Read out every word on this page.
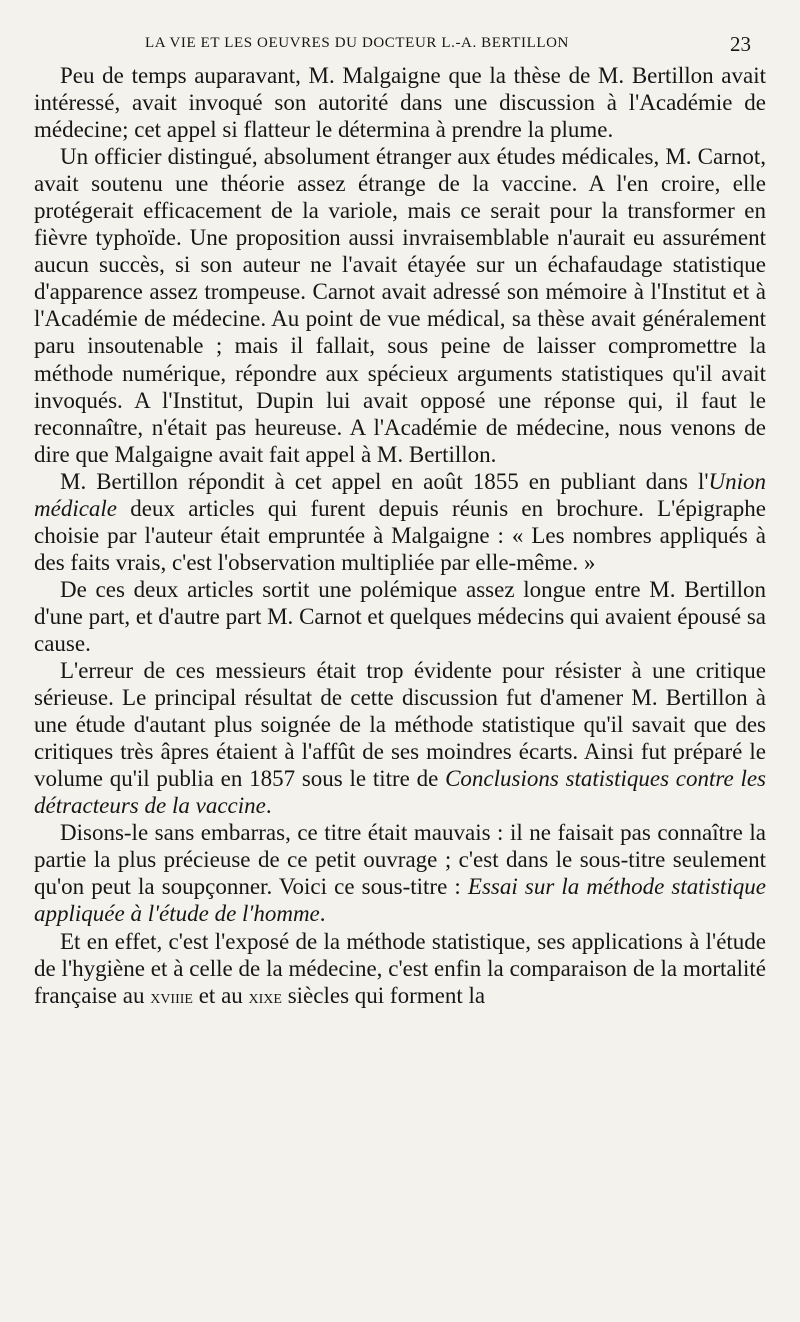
LA VIE ET LES OEUVRES DU DOCTEUR L.-A. BERTILLON	23

Peu de temps auparavant, M. Malgaigne que la thèse de M. Bertillon avait intéressé, avait invoqué son autorité dans une discussion à l'Académie de médecine; cet appel si flatteur le détermina à prendre la plume.

Un officier distingué, absolument étranger aux études médicales, M. Carnot, avait soutenu une théorie assez étrange de la vaccine. A l'en croire, elle protégerait efficacement de la variole, mais ce serait pour la transformer en fièvre typhoïde. Une proposition aussi invraisemblable n'aurait eu assurément aucun succès, si son auteur ne l'avait étayée sur un échafaudage statistique d'apparence assez trompeuse. Carnot avait adressé son mémoire à l'Institut et à l'Académie de médecine. Au point de vue médical, sa thèse avait généralement paru insoutenable ; mais il fallait, sous peine de laisser compromettre la méthode numérique, répondre aux spécieux arguments statistiques qu'il avait invoqués. A l'Institut, Dupin lui avait opposé une réponse qui, il faut le reconnaître, n'était pas heureuse. A l'Académie de médecine, nous venons de dire que Malgaigne avait fait appel à M. Bertillon.

M. Bertillon répondit à cet appel en août 1855 en publiant dans l'Union médicale deux articles qui furent depuis réunis en brochure. L'épigraphe choisie par l'auteur était empruntée à Malgaigne : « Les nombres appliqués à des faits vrais, c'est l'observation multipliée par elle-même. »

De ces deux articles sortit une polémique assez longue entre M. Bertillon d'une part, et d'autre part M. Carnot et quelques médecins qui avaient épousé sa cause.

L'erreur de ces messieurs était trop évidente pour résister à une critique sérieuse. Le principal résultat de cette discussion fut d'amener M. Bertillon à une étude d'autant plus soignée de la méthode statistique qu'il savait que des critiques très âpres étaient à l'affût de ses moindres écarts. Ainsi fut préparé le volume qu'il publia en 1857 sous le titre de Conclusions statistiques contre les détracteurs de la vaccine.

Disons-le sans embarras, ce titre était mauvais : il ne faisait pas connaître la partie la plus précieuse de ce petit ouvrage ; c'est dans le sous-titre seulement qu'on peut la soupçonner. Voici ce sous-titre : Essai sur la méthode statistique appliquée à l'étude de l'homme.

Et en effet, c'est l'exposé de la méthode statistique, ses applications à l'étude de l'hygiène et à celle de la médecine, c'est enfin la comparaison de la mortalité française au xviiie et au xixe siècles qui forment la
